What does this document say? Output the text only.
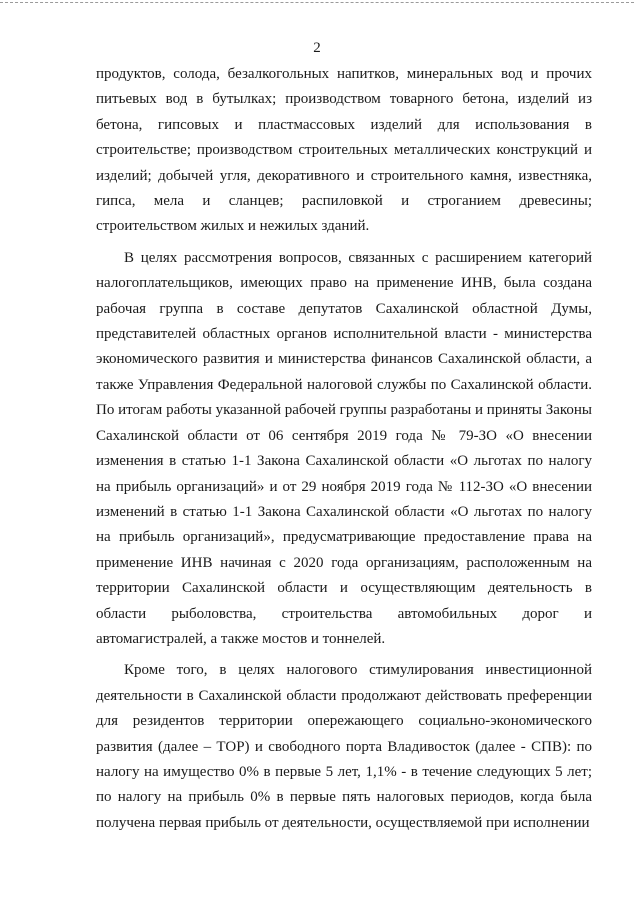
2

продуктов, солода, безалкогольных напитков, минеральных вод и прочих питьевых вод в бутылках; производством товарного бетона, изделий из бетона, гипсовых и пластмассовых изделий для использования в строительстве; производством строительных металлических конструкций и изделий; добычей угля, декоративного и строительного камня, известняка, гипса, мела и сланцев; распиловкой и строганием древесины; строительством жилых и нежилых зданий.

В целях рассмотрения вопросов, связанных с расширением категорий налогоплательщиков, имеющих право на применение ИНВ, была создана рабочая группа в составе депутатов Сахалинской областной Думы, представителей областных органов исполнительной власти - министерства экономического развития и министерства финансов Сахалинской области, а также Управления Федеральной налоговой службы по Сахалинской области. По итогам работы указанной рабочей группы разработаны и приняты Законы Сахалинской области от 06 сентября 2019 года № 79-ЗО «О внесении изменения в статью 1-1 Закона Сахалинской области «О льготах по налогу на прибыль организаций» и от 29 ноября 2019 года № 112-ЗО «О внесении изменений в статью 1-1 Закона Сахалинской области «О льготах по налогу на прибыль организаций», предусматривающие предоставление права на применение ИНВ начиная с 2020 года организациям, расположенным на территории Сахалинской области и осуществляющим деятельность в области рыболовства, строительства автомобильных дорог и автомагистралей, а также мостов и тоннелей.

Кроме того, в целях налогового стимулирования инвестиционной деятельности в Сахалинской области продолжают действовать преференции для резидентов территории опережающего социально-экономического развития (далее – ТОР) и свободного порта Владивосток (далее - СПВ): по налогу на имущество 0% в первые 5 лет, 1,1% - в течение следующих 5 лет; по налогу на прибыль 0% в первые пять налоговых периодов, когда была получена первая прибыль от деятельности, осуществляемой при исполнении
